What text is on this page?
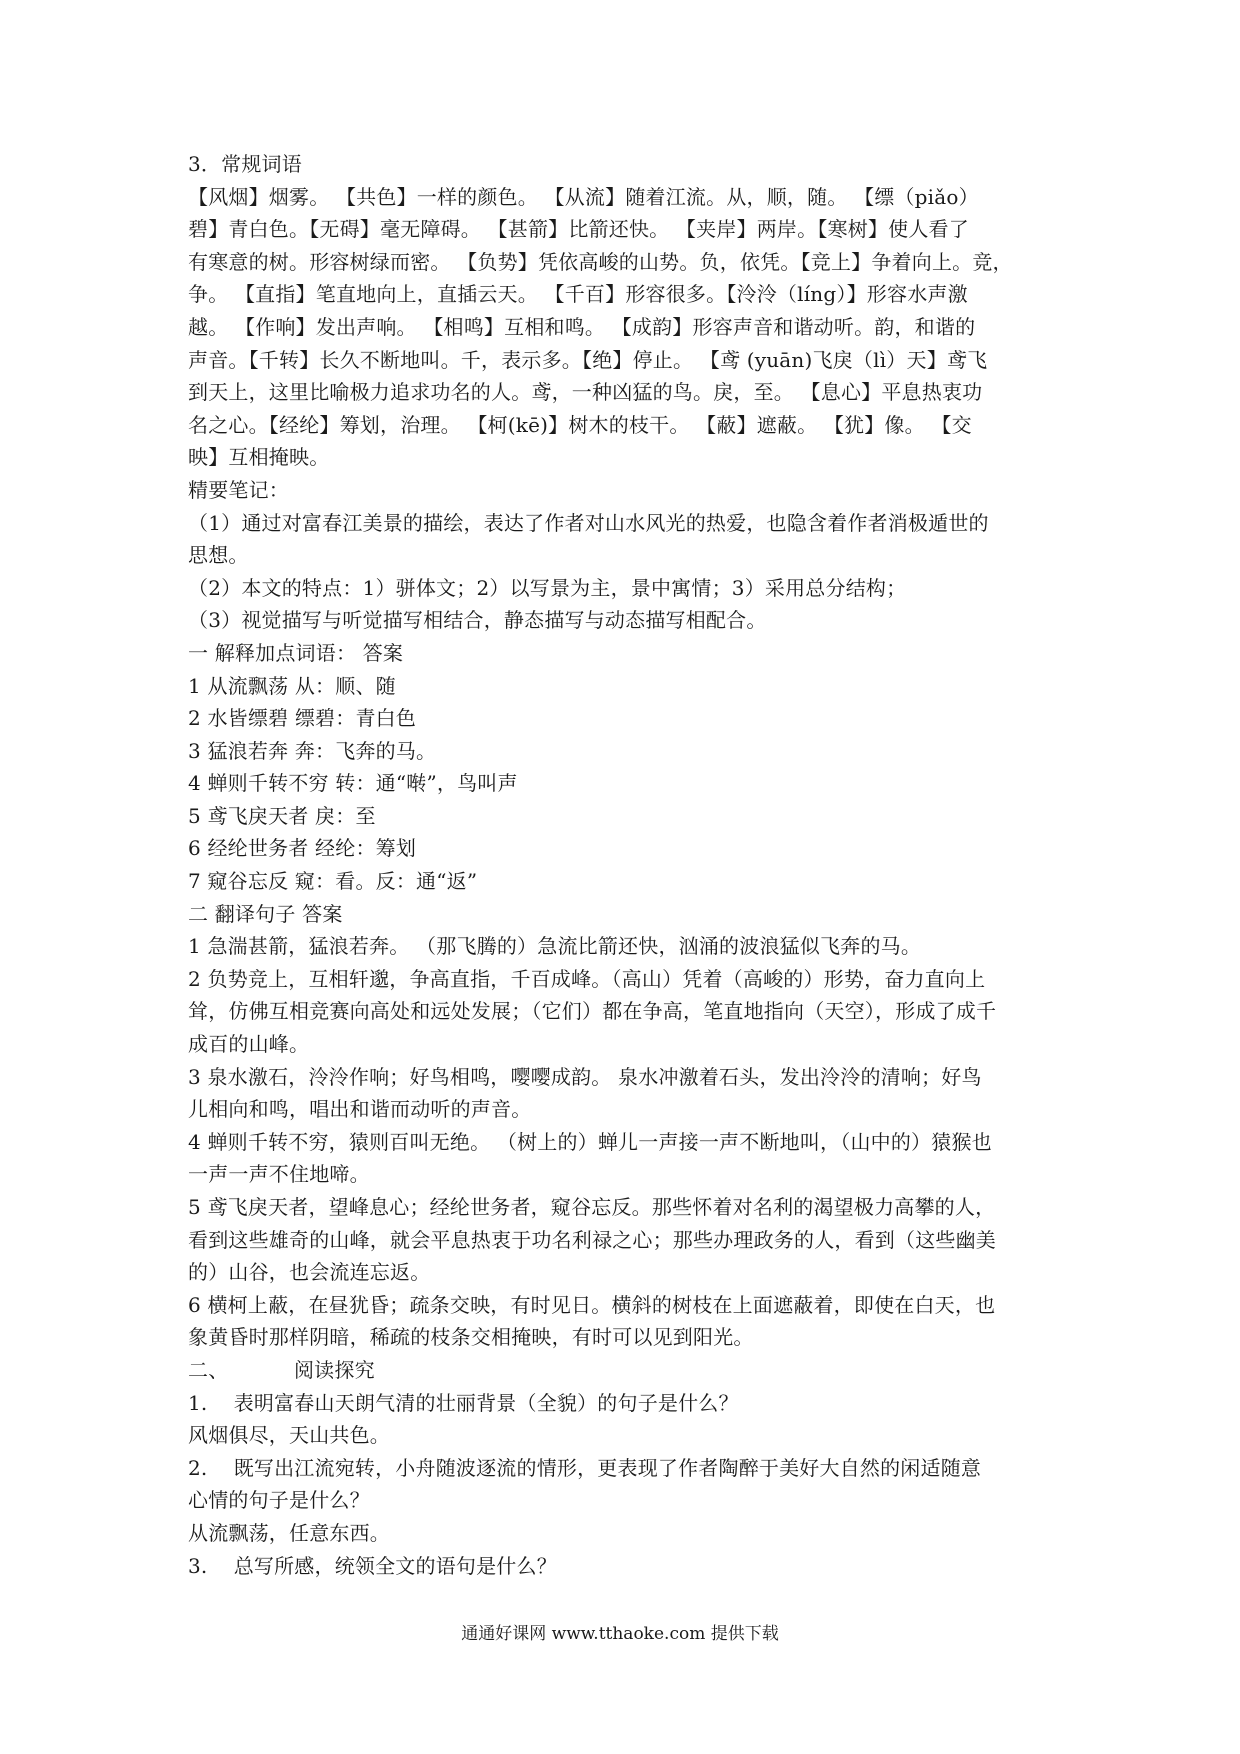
3．常规词语
【风烟】烟雾。 【共色】一样的颜色。 【从流】随着江流。从，顺，随。 【缥（piǎo）
碧】青白色。【无碍】毫无障碍。 【甚箭】比箭还快。 【夹岸】两岸。【寒树】使人看了
有寒意的树。形容树绿而密。 【负势】凭依高峻的山势。负，依凭。【竞上】争着向上。竞，
争。 【直指】笔直地向上，直插云天。 【千百】形容很多。【泠泠（líng）】形容水声激
越。 【作响】发出声响。 【相鸣】互相和鸣。 【成韵】形容声音和谐动听。韵，和谐的
声音。【千转】长久不断地叫。千，表示多。【绝】停止。 【鸢 (yuān)飞戾（lì）天】鸢飞
到天上，这里比喻极力追求功名的人。鸢，一种凶猛的鸟。戾，至。 【息心】平息热衷功
名之心。【经纶】筹划，治理。 【柯(kē)】树木的枝干。 【蔽】遮蔽。 【犹】像。 【交
映】互相掩映。
精要笔记：
（1）通过对富春江美景的描绘，表达了作者对山水风光的热爱，也隐含着作者消极遁世的
思想。
（2）本文的特点：1）骈体文；2）以写景为主，景中寓情；3）采用总分结构；
（3）视觉描写与听觉描写相结合，静态描写与动态描写相配合。
一 解释加点词语： 答案
1 从流飘荡 从：顺、随
2 水皆缥碧 缥碧：青白色
3 猛浪若奔 奔：飞奔的马。
4 蝉则千转不穷 转：通“啭”，鸟叫声
5 鸢飞戾天者 戾：至
6 经纶世务者 经纶：筹划
7 窥谷忘反 窥：看。反：通“返”
二 翻译句子 答案
1 急湍甚箭，猛浪若奔。 （那飞腾的）急流比箭还快，汹涌的波浪猛似飞奔的马。
2 负势竞上，互相轩邈，争高直指，千百成峰。（高山）凭着（高峻的）形势，奋力直向上
耸，仿佛互相竞赛向高处和远处发展；（它们）都在争高，笔直地指向（天空），形成了成千
成百的山峰。
3 泉水激石，泠泠作响；好鸟相鸣，嘤嘤成韵。 泉水冲激着石头，发出泠泠的清响；好鸟
儿相向和鸣，唱出和谐而动听的声音。
4 蝉则千转不穷，猿则百叫无绝。 （树上的）蝉儿一声接一声不断地叫，（山中的）猿猴也
一声一声不住地啼。
5 鸢飞戾天者，望峰息心；经纶世务者，窥谷忘反。那些怀着对名利的渴望极力高攀的人，
看到这些雄奇的山峰，就会平息热衷于功名利禄之心；那些办理政务的人，看到（这些幽美
的）山谷，也会流连忘返。
6 横柯上蔽，在昼犹昏；疏条交映，有时见日。横斜的树枝在上面遮蔽着，即使在白天，也
象黄昏时那样阴暗，稀疏的枝条交相掩映，有时可以见到阳光。
二、          阅读探究
1.    表明富春山天朗气清的壮丽背景（全貌）的句子是什么？
风烟俱尽，天山共色。
2.    既写出江流宛转，小舟随波逐流的情形，更表现了作者陶醉于美好大自然的闲适随意
心情的句子是什么？
从流飘荡，任意东西。
3.    总写所感，统领全文的语句是什么？
通通好课网 www.tthaoke.com 提供下载
